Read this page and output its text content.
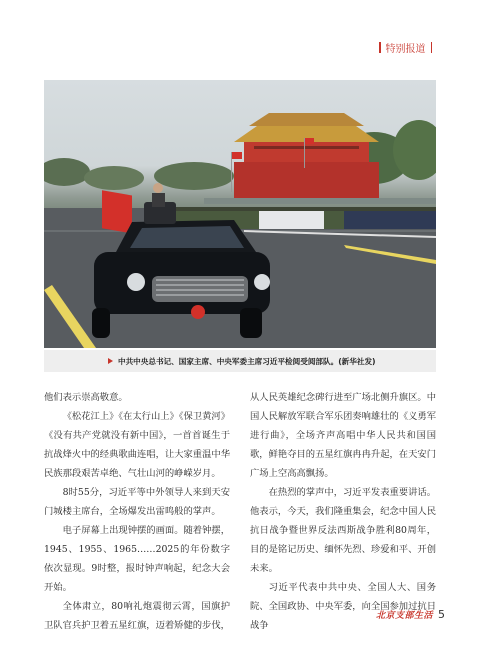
特别报道
中共中央总书记、国家主席、中央军委主席习近平检阅受阅部队。(新华社发)

他们表示崇高敬意。

《松花江上》《在太行山上》《保卫黄河》《没有共产党就没有新中国》，一首首诞生于抗战烽火中的经典歌曲连唱，让大家重温中华民族那段艰苦卓绝、气壮山河的峥嵘岁月。

8时55分，习近平等中外领导人来到天安门城楼主席台，全场爆发出雷鸣般的掌声。

电子屏幕上出现钟摆的画面。随着钟摆，1945、1955、1965……2025的年份数字依次显现。9时整，报时钟声响起，纪念大会开始。

全体肃立，80响礼炮震彻云霄，国旗护卫队官兵护卫着五星红旗，迈着矫健的步伐，

从人民英雄纪念碑行进至广场北侧升旗区。中国人民解放军联合军乐团奏响雄壮的《义勇军进行曲》，全场齐声高唱中华人民共和国国歌，鲜艳夺目的五星红旗冉冉升起，在天安门广场上空高高飘扬。

在热烈的掌声中，习近平发表重要讲话。他表示，今天，我们隆重集会，纪念中国人民抗日战争暨世界反法西斯战争胜利80周年，目的是铭记历史、缅怀先烈、珍爱和平、开创未来。

习近平代表中共中央、全国人大、国务院、全国政协、中央军委，向全国参加过抗日战争

北京支部生活 5
